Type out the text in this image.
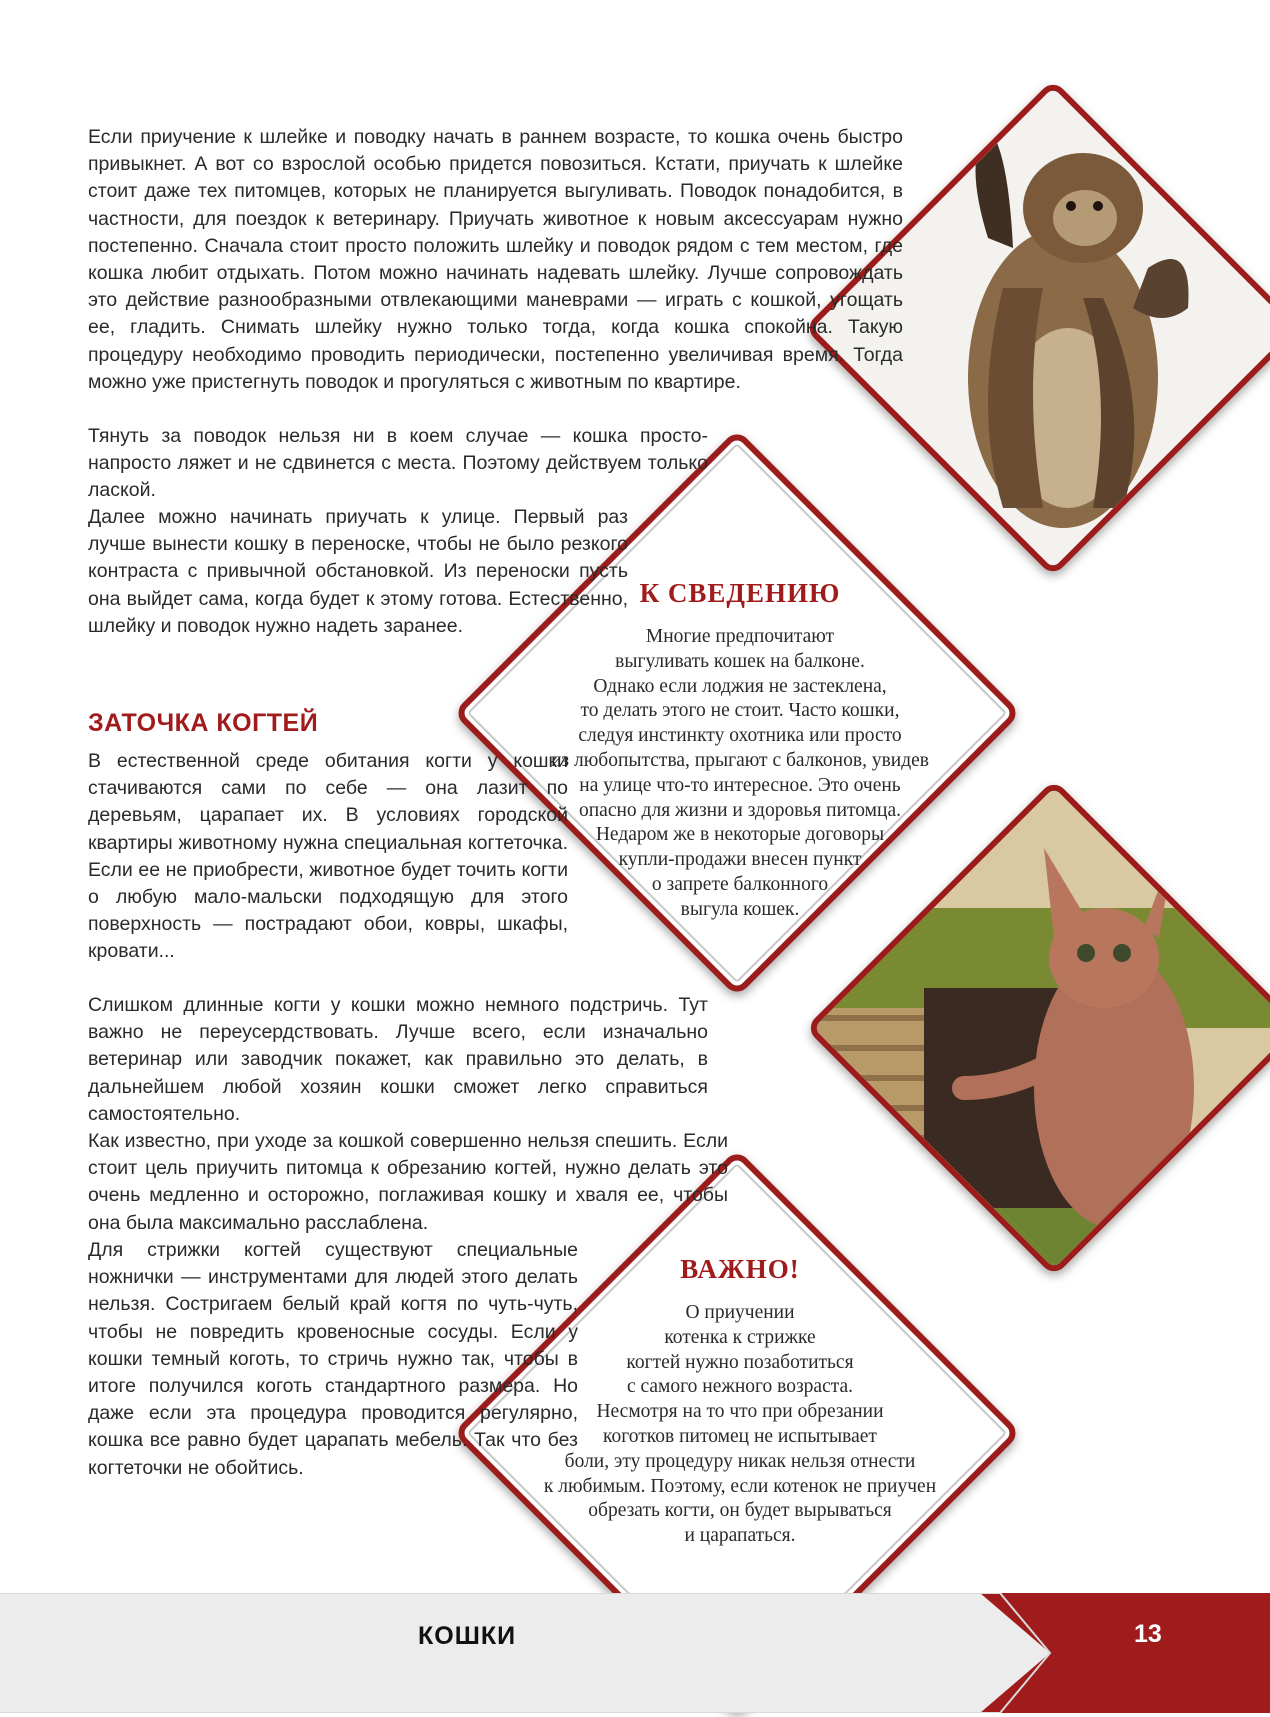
К СВЕДЕНИЮ

Многие предпочитают
выгуливать кошек на балконе.
Однако если лоджия не застеклена,
то делать этого не стоит. Часто кошки,
следуя инстинкту охотника или просто
из любопытства, прыгают с балконов, увидев
на улице что-то интересное. Это очень
опасно для жизни и здоровья питомца.
Недаром же в некоторые договоры
купли-продажи внесен пункт
о запрете балконного
выгула кошек.

ВАЖНО!

О приучении
котенка к стрижке
когтей нужно позаботиться
с самого нежного возраста.
Несмотря на то что при обрезании
коготков питомец не испытывает
боли, эту процедуру никак нельзя отнести
к любимым. Поэтому, если котенок не приучен
обрезать когти, он будет вырываться
и царапаться.

Если приучение к шлейке и поводку начать в раннем возрасте, то кошка очень быстро привыкнет. А вот со взрослой особью придется повозиться. Кстати, приучать к шлейке стоит даже тех питомцев, которых не планируется выгуливать. Поводок понадобится, в частности, для поездок к ветеринару. Приучать животное к новым аксессуарам нужно постепенно. Сначала стоит просто положить шлейку и поводок рядом с тем местом, где кошка любит отдыхать. Потом можно начинать надевать шлейку. Лучше сопровождать это действие разнообразными отвлекающими маневрами — играть с кошкой, угощать ее, гладить. Снимать шлейку нужно только тогда, когда кошка спокойна. Такую процедуру необходимо проводить периодически, постепенно увеличивая время. Тогда можно уже пристегнуть поводок и прогуляться с животным по квартире.

Тянуть за поводок нельзя ни в коем случае — кошка просто-напросто ляжет и не сдвинется с места. Поэтому действуем только лаской.

Далее можно начинать приучать к улице. Первый раз лучше вынести кошку в переноске, чтобы не было резкого контраста с привычной обстановкой. Из переноски пусть она выйдет сама, когда будет к этому готова. Естественно, шлейку и поводок нужно надеть заранее.

ЗАТОЧКА КОГТЕЙ

В естественной среде обитания когти у кошки стачиваются сами по себе — она лазит по деревьям, царапает их. В условиях городской квартиры животному нужна специальная когтеточка. Если ее не приобрести, животное будет точить когти о любую мало-мальски подходящую для этого поверхность — пострадают обои, ковры, шкафы, кровати...

Слишком длинные когти у кошки можно немного подстричь. Тут важно не переусердствовать. Лучше всего, если изначально ветеринар или заводчик покажет, как правильно это делать, в дальнейшем любой хозяин кошки сможет легко справиться самостоятельно.

Как известно, при уходе за кошкой совершенно нельзя спешить. Если стоит цель приучить питомца к обрезанию когтей, нужно делать это очень медленно и осторожно, поглаживая кошку и хваля ее, чтобы она была максимально расслаблена.

Для стрижки когтей существуют специальные ножнички — инструментами для людей этого делать нельзя. Состригаем белый край когтя по чуть-чуть, чтобы не повредить кровеносные сосуды. Если у кошки темный коготь, то стричь нужно так, чтобы в итоге получился коготь стандартного размера. Но даже если эта процедура проводится регулярно, кошка все равно будет царапать мебель. Так что без когтеточки не обойтись.

КОШКИ	13
